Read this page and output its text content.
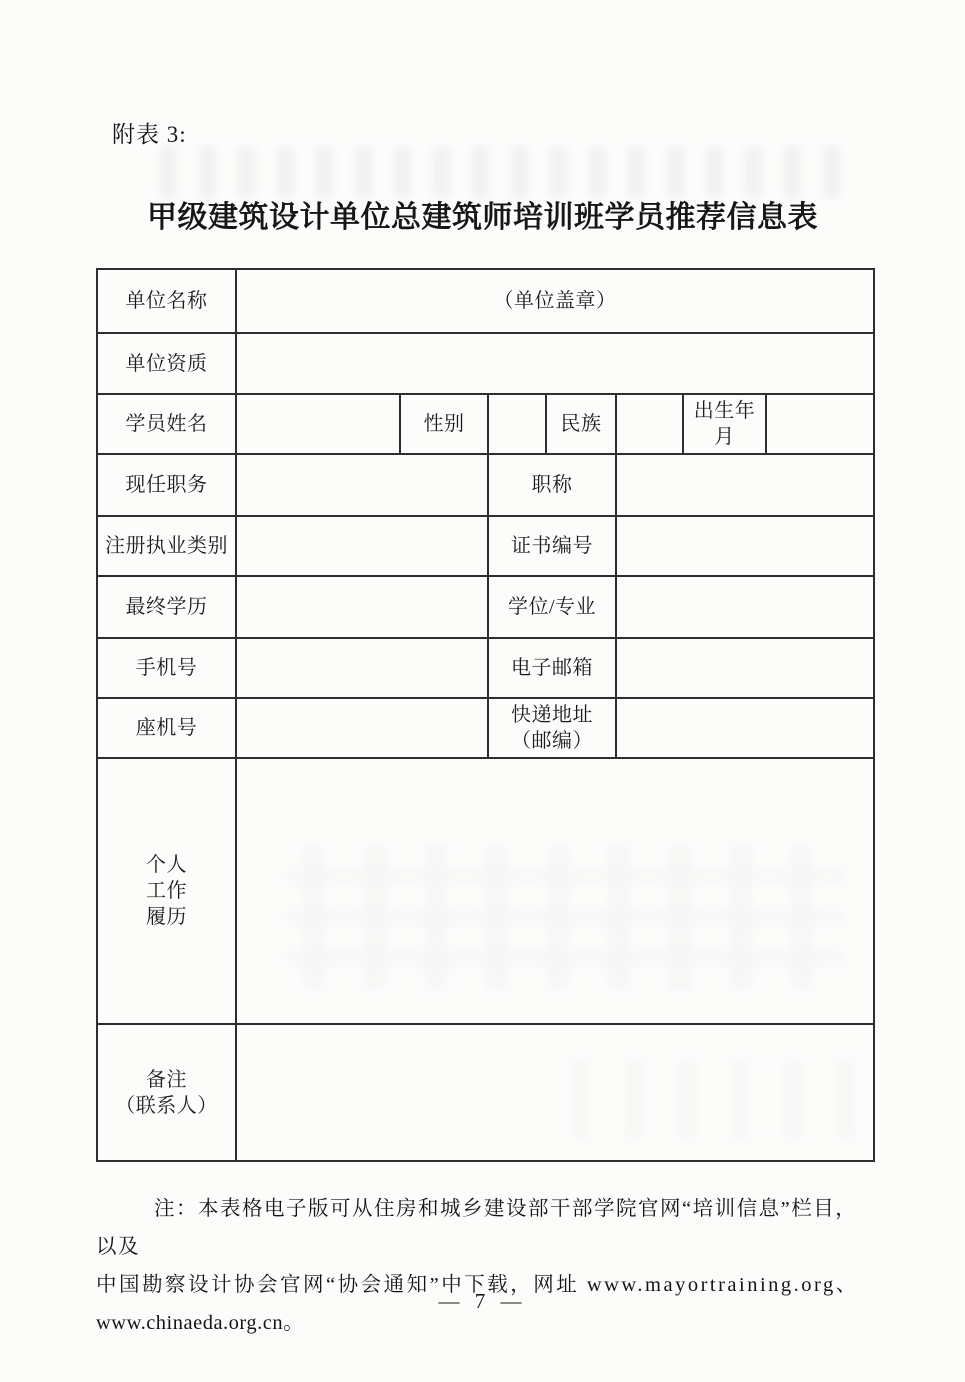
附表 3:
甲级建筑设计单位总建筑师培训班学员推荐信息表
单位名称	（单位盖章）						
单位资质							
学员姓名		性别		民族		出生年月	
现任职务			职称				
注册执业类别			证书编号				
最终学历			学位/专业				
手机号			电子邮箱				
座机号			快递地址
（邮编）				

个人
工作
履历							

备注
（联系人）							

注：本表格电子版可从住房和城乡建设部干部学院官网“培训信息”栏目，以及
中国勘察设计协会官网“协会通知”中下载，网址 www.mayortraining.org、
www.chinaeda.org.cn。
— 7 —
